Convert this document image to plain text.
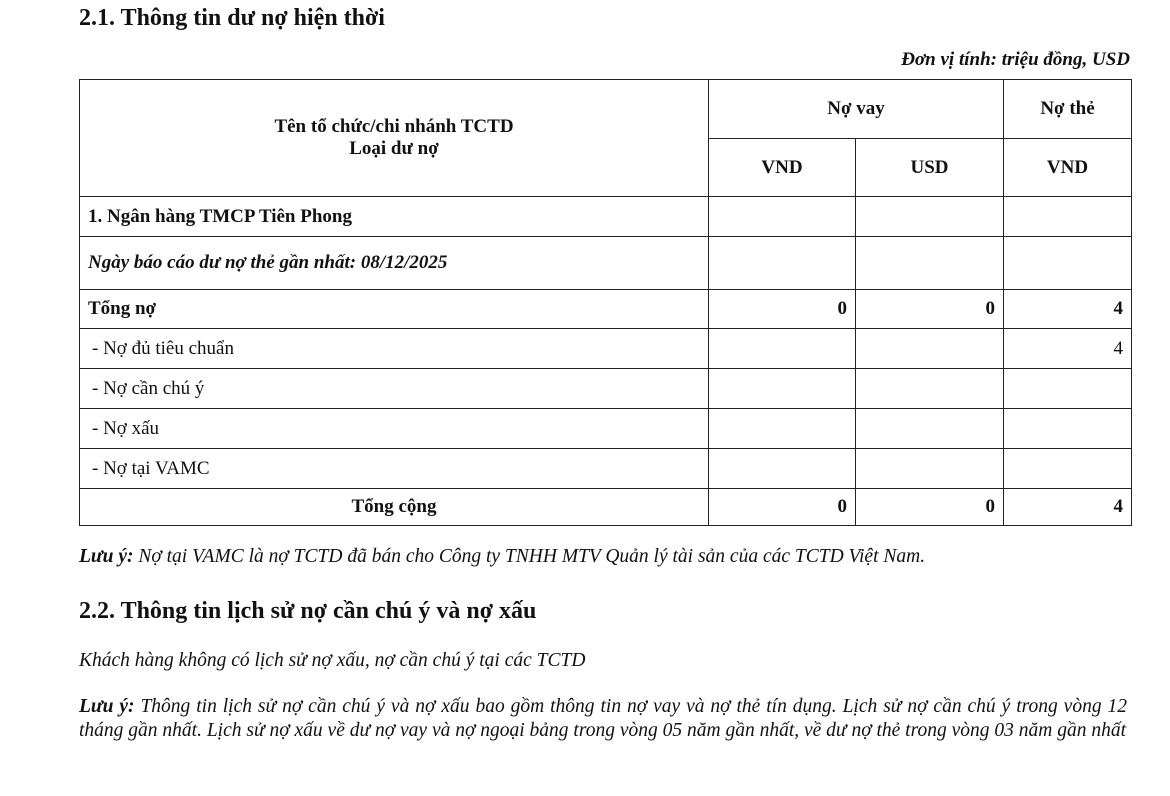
2.1. Thông tin dư nợ hiện thời
Đơn vị tính: triệu đồng, USD
Tên tổ chức/chi nhánh TCTD
Loại dư nợ	Nợ vay		Nợ thẻ
	VND	USD	VND
1. Ngân hàng TMCP Tiên Phong			
Ngày báo cáo dư nợ thẻ gần nhất: 08/12/2025			
Tổng nợ	0	0	4
- Nợ đủ tiêu chuẩn			4
- Nợ cần chú ý			
- Nợ xấu			
- Nợ tại VAMC			
Tổng cộng	0	0	4
Lưu ý: Nợ tại VAMC là nợ TCTD đã bán cho Công ty TNHH MTV Quản lý tài sản của các TCTD Việt Nam.
2.2. Thông tin lịch sử nợ cần chú ý và nợ xấu
Khách hàng không có lịch sử nợ xấu, nợ cần chú ý tại các TCTD
Lưu ý: Thông tin lịch sử nợ cần chú ý và nợ xấu bao gồm thông tin nợ vay và nợ thẻ tín dụng. Lịch sử nợ cần chú ý trong vòng 12 tháng gần nhất. Lịch sử nợ xấu về dư nợ vay và nợ ngoại bảng trong vòng 05 năm gần nhất, về dư nợ thẻ trong vòng 03 năm gần nhất
